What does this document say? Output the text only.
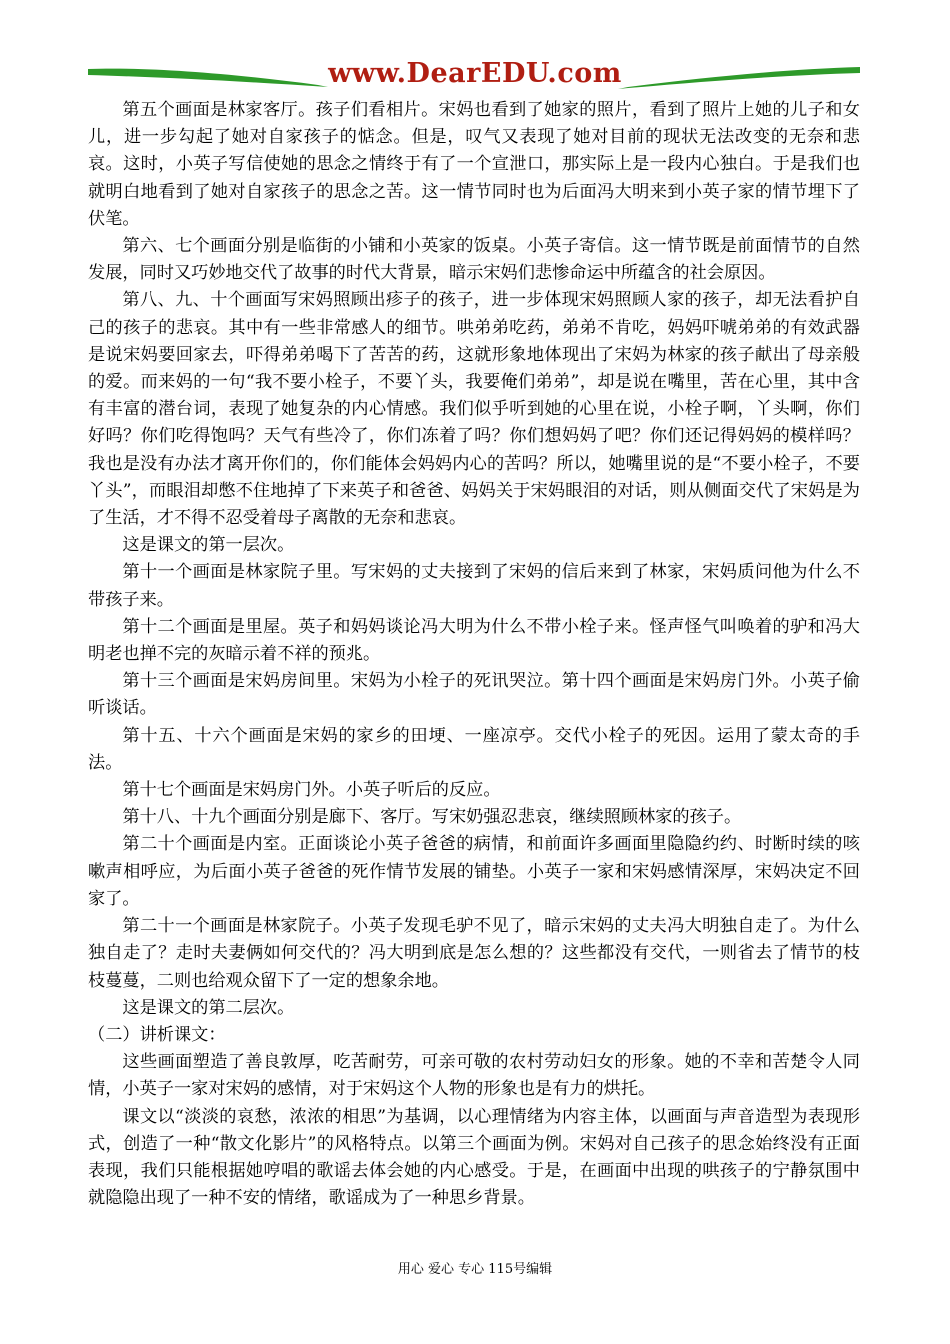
www.DearEDU.com

第五个画面是林家客厅。孩子们看相片。宋妈也看到了她家的照片，看到了照片上她的儿子和女儿，进一步勾起了她对自家孩子的惦念。但是，叹气又表现了她对目前的现状无法改变的无奈和悲哀。这时，小英子写信使她的思念之情终于有了一个宣泄口，那实际上是一段内心独白。于是我们也就明白地看到了她对自家孩子的思念之苦。这一情节同时也为后面冯大明来到小英子家的情节埋下了伏笔。

第六、七个画面分别是临街的小铺和小英家的饭桌。小英子寄信。这一情节既是前面情节的自然发展，同时又巧妙地交代了故事的时代大背景，暗示宋妈们悲惨命运中所蕴含的社会原因。

第八、九、十个画面写宋妈照顾出疹子的孩子，进一步体现宋妈照顾人家的孩子，却无法看护自己的孩子的悲哀。其中有一些非常感人的细节。哄弟弟吃药，弟弟不肯吃，妈妈吓唬弟弟的有效武器是说宋妈要回家去，吓得弟弟喝下了苦苦的药，这就形象地体现出了宋妈为林家的孩子献出了母亲般的爱。而来妈的一句“我不要小栓子，不要丫头，我要俺们弟弟”，却是说在嘴里，苦在心里，其中含有丰富的潜台词，表现了她复杂的内心情感。我们似乎听到她的心里在说，小栓子啊，丫头啊，你们好吗？你们吃得饱吗？天气有些冷了，你们冻着了吗？你们想妈妈了吧？你们还记得妈妈的模样吗？我也是没有办法才离开你们的，你们能体会妈妈内心的苦吗？所以，她嘴里说的是“不要小栓子，不要丫头”，而眼泪却憋不住地掉了下来英子和爸爸、妈妈关于宋妈眼泪的对话，则从侧面交代了宋妈是为了生活，才不得不忍受着母子离散的无奈和悲哀。

这是课文的第一层次。

第十一个画面是林家院子里。写宋妈的丈夫接到了宋妈的信后来到了林家，宋妈质问他为什么不带孩子来。

第十二个画面是里屋。英子和妈妈谈论冯大明为什么不带小栓子来。怪声怪气叫唤着的驴和冯大明老也掸不完的灰暗示着不祥的预兆。

第十三个画面是宋妈房间里。宋妈为小栓子的死讯哭泣。第十四个画面是宋妈房门外。小英子偷听谈话。

第十五、十六个画面是宋妈的家乡的田埂、一座凉亭。交代小栓子的死因。运用了蒙太奇的手法。

第十七个画面是宋妈房门外。小英子听后的反应。

第十八、十九个画面分别是廊下、客厅。写宋奶强忍悲哀，继续照顾林家的孩子。

第二十个画面是内室。正面谈论小英子爸爸的病情，和前面许多画面里隐隐约约、时断时续的咳嗽声相呼应，为后面小英子爸爸的死作情节发展的铺垫。小英子一家和宋妈感情深厚，宋妈决定不回家了。

第二十一个画面是林家院子。小英子发现毛驴不见了，暗示宋妈的丈夫冯大明独自走了。为什么独自走了？走时夫妻俩如何交代的？冯大明到底是怎么想的？这些都没有交代，一则省去了情节的枝枝蔓蔓，二则也给观众留下了一定的想象余地。

这是课文的第二层次。

（二）讲析课文：

这些画面塑造了善良敦厚，吃苦耐劳，可亲可敬的农村劳动妇女的形象。她的不幸和苦楚令人同情，小英子一家对宋妈的感情，对于宋妈这个人物的形象也是有力的烘托。

课文以“淡淡的哀愁，浓浓的相思”为基调，以心理情绪为内容主体，以画面与声音造型为表现形式，创造了一种“散文化影片”的风格特点。以第三个画面为例。宋妈对自己孩子的思念始终没有正面表现，我们只能根据她哼唱的歌谣去体会她的内心感受。于是，在画面中出现的哄孩子的宁静氛围中就隐隐出现了一种不安的情绪，歌谣成为了一种思乡背景。

用心 爱心 专心 115号编辑
